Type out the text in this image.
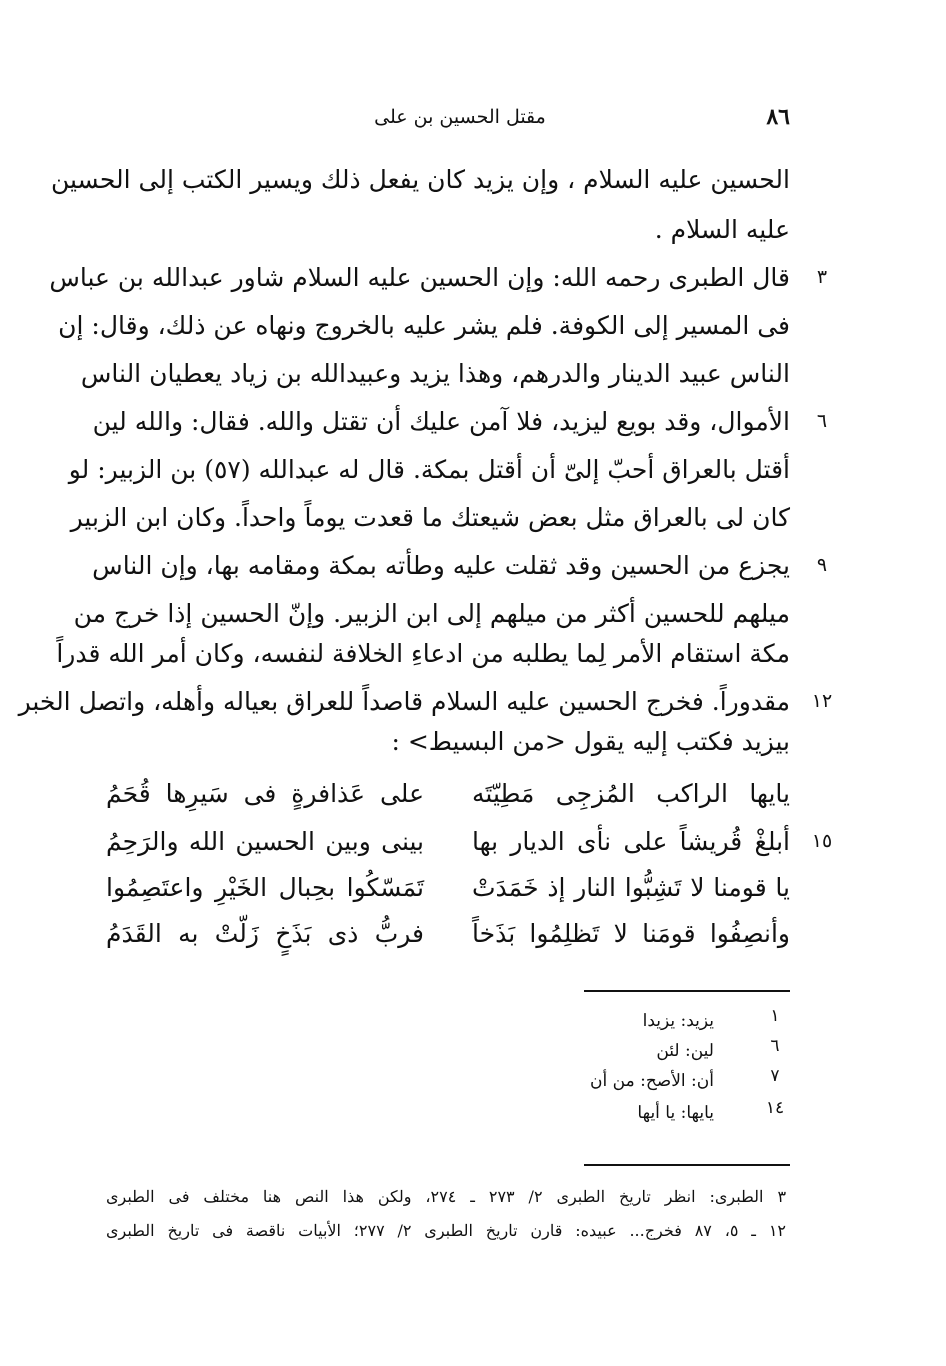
٨٦
مقتل الحسين بن على
الحسين عليه السلام ، وإن يزيد كان يفعل ذلك ويسير الكتب إلى الحسين
عليه السلام .
قال الطبرى رحمه الله: وإن الحسين عليه السلام شاور عبدالله بن عباس
فى المسير إلى الكوفة. فلم يشر عليه بالخروج ونهاه عن ذلك، وقال: إن
الناس عبيد الدينار والدرهم، وهذا يزيد وعبيدالله بن زياد يعطيان الناس
الأموال، وقد بويع ليزيد، فلا آمن عليك أن تقتل والله. فقال: والله لين
أقتل بالعراق أحبّ إلىّ أن أقتل بمكة. قال له عبدالله (٥٧) بن الزبير: لو
كان لى بالعراق مثل بعض شيعتك ما قعدت يوماً واحداً. وكان ابن الزبير
يجزع من الحسين وقد ثقلت عليه وطأته بمكة ومقامه بها، وإن الناس
ميلهم للحسين أكثر من ميلهم إلى ابن الزبير. وإنّ الحسين إذا خرج من
مكة استقام الأمر لِما يطلبه من ادعاءِ الخلافة لنفسه، وكان أمر الله قدراً
مقدوراً. فخرج الحسين عليه السلام قاصداً للعراق بعياله وأهله، واتصل الخبر
بيزيد فكتب إليه يقول <من البسيط> :
٣
٦
٩
١٢
١٥
يايها الراكب المُزجِى مَطِيّتَه
على عَذافرةٍ فى سَيرِها قُحَمُ
أبلغْ قُريشاً على نأى الديار بها
بينى وبين الحسين الله والرَحِمُ
يا قومنا لا تَشِبُّوا النار إذ خَمَدَتْ
تَمَسّكُوا بحِبال الخَيْرِ واعتَصِمُوا
وأنصِفُوا قومَنا لا تَظلِمُوا بَذَخاً
فربُّ ذى بَذَخٍ زَلّتْ به القَدَمُ
١
يزيد: يزيدا
٦
لين: لئن
٧
أن: الأصح: من أن
١٤
يايها: يا أيها
٣ الطبرى: انظر تاريخ الطبرى ٢/ ٢٧٣ ـ ٢٧٤، ولكن هذا النص هنا مختلف فى الطبرى
١٢ ـ ٥، ٨٧ فخرج... عبيده: قارن تاريخ الطبرى ٢/ ٢٧٧؛ الأبيات ناقصة فى تاريخ الطبرى
